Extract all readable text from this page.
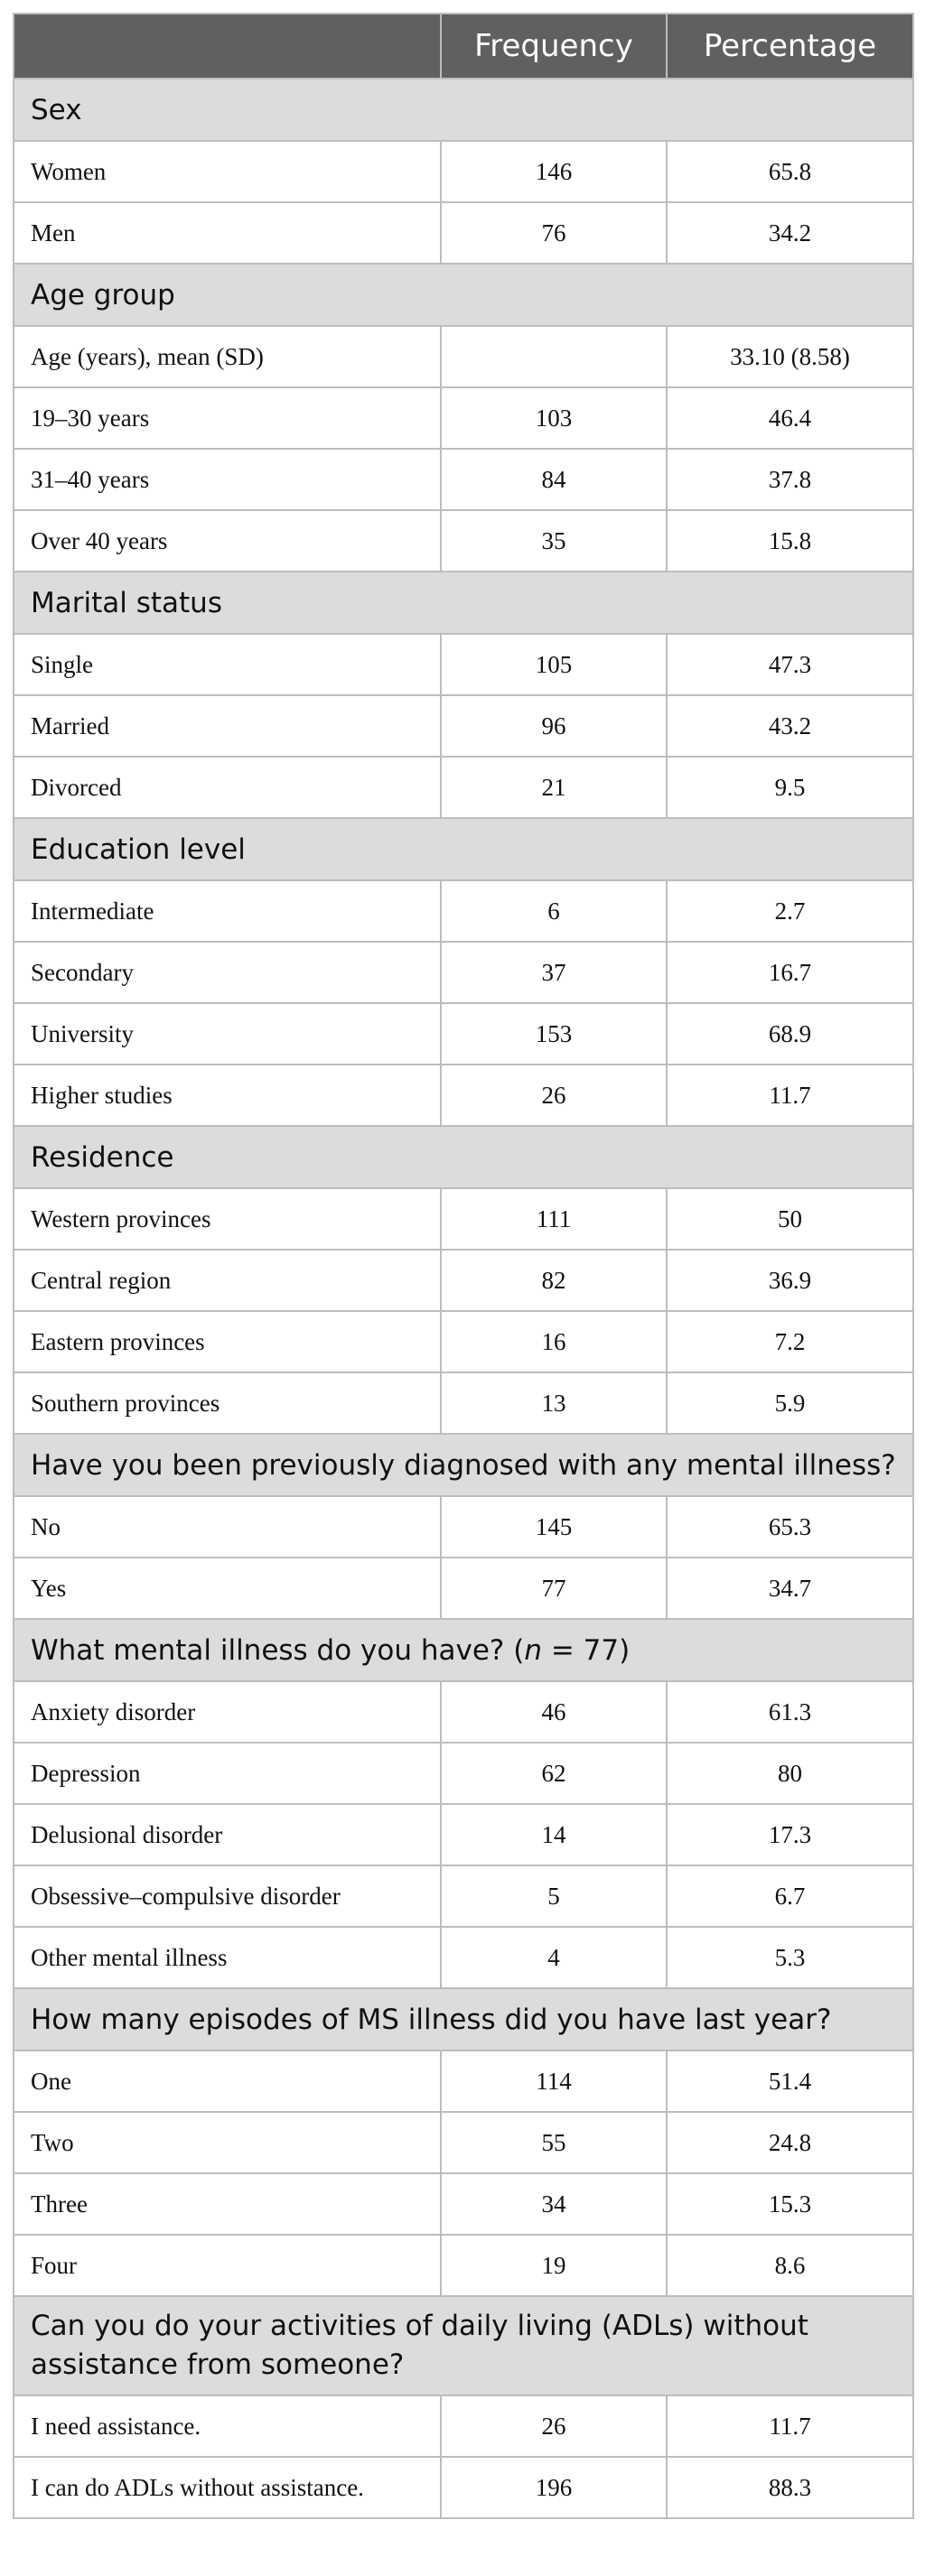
	Frequency	Percentage
Sex		
Women	146	65.8
Men	76	34.2
Age group		
Age (years), mean (SD)		33.10 (8.58)
19–30 years	103	46.4
31–40 years	84	37.8
Over 40 years	35	15.8
Marital status		
Single	105	47.3
Married	96	43.2
Divorced	21	9.5
Education level		
Intermediate	6	2.7
Secondary	37	16.7
University	153	68.9
Higher studies	26	11.7
Residence		
Western provinces	111	50
Central region	82	36.9
Eastern provinces	16	7.2
Southern provinces	13	5.9
Have you been previously diagnosed with any mental illness?		
No	145	65.3
Yes	77	34.7
What mental illness do you have? (n = 77)		
Anxiety disorder	46	61.3
Depression	62	80
Delusional disorder	14	17.3
Obsessive–compulsive disorder	5	6.7
Other mental illness	4	5.3
How many episodes of MS illness did you have last year?		
One	114	51.4
Two	55	24.8
Three	34	15.3
Four	19	8.6
Can you do your activities of daily living (ADLs) without assistance from someone?		
I need assistance.	26	11.7
I can do ADLs without assistance.	196	88.3
